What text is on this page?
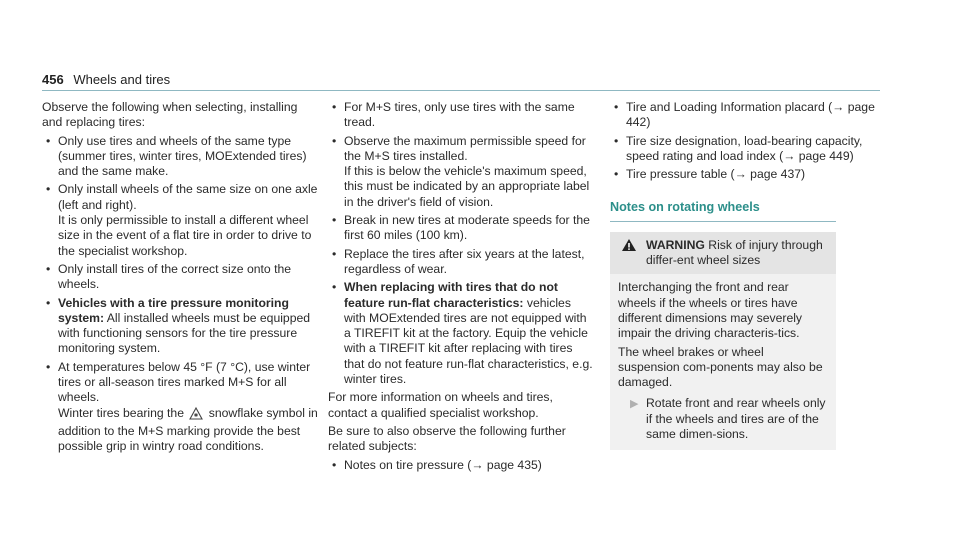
456 Wheels and tires

Observe the following when selecting, installing and replacing tires:

• Only use tires and wheels of the same type (summer tires, winter tires, MOExtended tires) and the same make.
• Only install wheels of the same size on one axle (left and right).
It is only permissible to install a different wheel size in the event of a flat tire in order to drive to the specialist workshop.
• Only install tires of the correct size onto the wheels.
• Vehicles with a tire pressure monitoring system: All installed wheels must be equipped with functioning sensors for the tire pressure monitoring system.
• At temperatures below 45 °F (7 °C), use winter tires or all-season tires marked M+S for all wheels.
Winter tires bearing the snowflake symbol in addition to the M+S marking provide the best possible grip in wintry road conditions.
• For M+S tires, only use tires with the same tread.
• Observe the maximum permissible speed for the M+S tires installed.
If this is below the vehicle's maximum speed, this must be indicated by an appropriate label in the driver's field of vision.
• Break in new tires at moderate speeds for the first 60 miles (100 km).
• Replace the tires after six years at the latest, regardless of wear.
• When replacing with tires that do not feature run-flat characteristics: vehicles with MOExtended tires are not equipped with a TIREFIT kit at the factory. Equip the vehicle with a TIREFIT kit after replacing with tires that do not feature run-flat characteristics, e.g. winter tires.

For more information on wheels and tires, contact a qualified specialist workshop.

Be sure to also observe the following further related subjects:

• Notes on tire pressure (→ page 435)
• Tire and Loading Information placard (→ page 442)
• Tire size designation, load-bearing capacity, speed rating and load index (→ page 449)
• Tire pressure table (→ page 437)
Notes on rotating wheels
WARNING Risk of injury through differ-ent wheel sizes

Interchanging the front and rear wheels if the wheels or tires have different dimensions may severely impair the driving characteris-tics.

The wheel brakes or wheel suspension com-ponents may also be damaged.

▶ Rotate front and rear wheels only if the wheels and tires are of the same dimen-sions.
